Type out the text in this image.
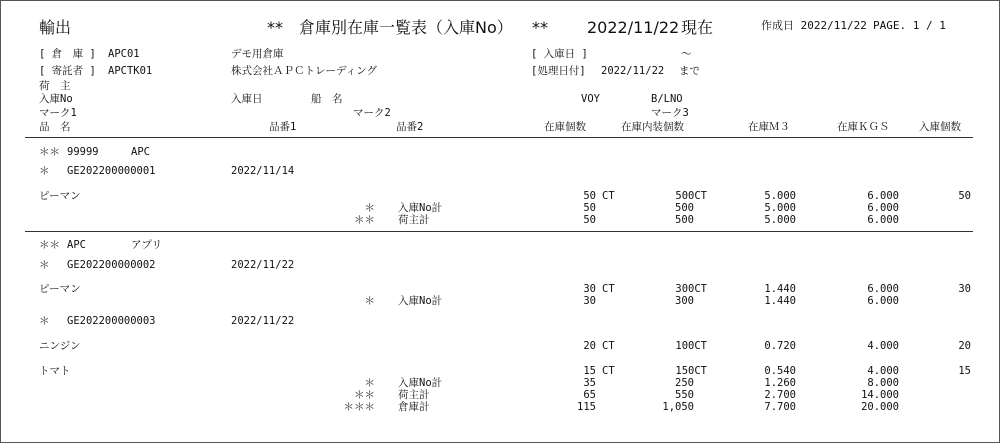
輸出	** 倉庫別在庫一覧表（入庫No） ** 2022/11/22 現在	作成日 2022/11/22 PAGE. 1 / 1
[ 倉　庫 ] APC01	デモ用倉庫	[ 入庫日 ]	～
[ 寄託者 ] APCTK01	株式会社ＡＰＣトレーディング	[処理日付] 2022/11/22 まで
荷　主
入庫No	入庫日	船　名	VOY	B/LNO
マーク1	マーク2	マーク3
品　名	品番1	品番2	在庫個数	在庫内装個数	在庫Ｍ３	在庫ＫＧＳ	入庫個数
＊＊ 99999	APC
＊ GE202200000001	2022/11/14
ピーマン	50 CT	500CT	5.000	6.000	50
＊ 入庫No計	50	500	5.000	6.000
＊＊ 荷主計	50	500	5.000	6.000
＊＊ APC	アプリ
＊ GE202200000002	2022/11/22
ピーマン	30 CT	300CT	1.440	6.000	30
＊ 入庫No計	30	300	1.440	6.000
＊ GE202200000003	2022/11/22
ニンジン	20 CT	100CT	0.720	4.000	20
トマト	15 CT	150CT	0.540	4.000	15
＊ 入庫No計	35	250	1.260	8.000
＊＊ 荷主計	65	550	2.700	14.000
＊＊＊ 倉庫計	115	1,050	7.700	20.000
